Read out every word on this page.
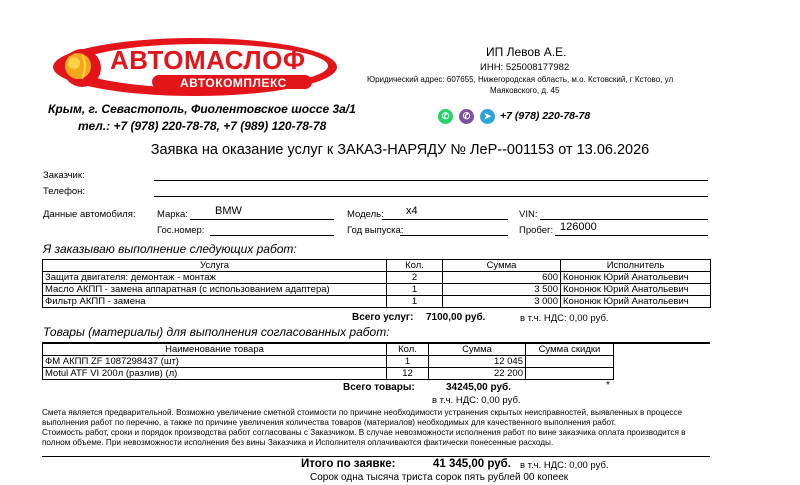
АВТОМАСЛОФ
АВТОКОМПЛЕКС
Крым, г. Севастополь, Фиолентовское шоссе 3а/1
тел.: +7 (978) 220-78-78, +7 (989) 120-78-78
ИП Левов А.Е.
ИНН: 525008177982
Юридический адрес: 607655, Нижегородская область, м.о. Кстовский, г Кстово, ул
Маяковского, д. 45
✆	✆	➤ +7 (978) 220-78-78
Заявка на оказание услуг к ЗАКАЗ-НАРЯДУ № ЛеР--001153 от 13.06.2026
Заказчик:
Телефон:
Данные автомобиля: Марка: BMW	Модель: x4	VIN:
Гос.номер:	Год выпуска:	Пробег: 126000
Я заказываю выполнение следующих работ:
Услуга	Кол.	Сумма	Исполнитель
Защита двигателя: демонтаж - монтаж	2	600	Кононюк Юрий Анатольевич
Масло АКПП - замена аппаратная (с использованием адаптера)	1	3 500	Кононюк Юрий Анатольевич
Фильтр АКПП - замена	1	3 000	Кононюк Юрий Анатольевич
Всего услуг: 7100,00 руб.	в т.ч. НДС: 0,00 руб.
Товары (материалы) для выполнения согласованных работ:
Наименование товара	Кол.	Сумма	Сумма скидки
ФМ АКПП ZF 1087298437 (шт)	1	12 045	
Motul ATF VI 200л (разлив) (л)	12	22 200	
Всего товары:	34245,00 руб.	*
в т.ч. НДС: 0,00 руб.
Смета является предварительной. Возможно увеличение сметной стоимости по причине необходимости устранения скрытых неисправностей, выявленных в процессе выполнения работ по перечню, а также по причине увеличения количества товаров (материалов) необходимых для качественного выполнения работ.
Стоимость работ, сроки и порядок производства работ согласованы с Заказчиком. В случае невозможности исполнения работ по вине заказчика оплата производится в полном объеме. При невозможности исполнения без вины Заказчика и Исполнителя оплачиваются фактически понесенные расходы.
Итого по заявке:	41 345,00 руб. в т.ч. НДС: 0,00 руб.
Сорок одна тысяча триста сорок пять рублей 00 копеек
